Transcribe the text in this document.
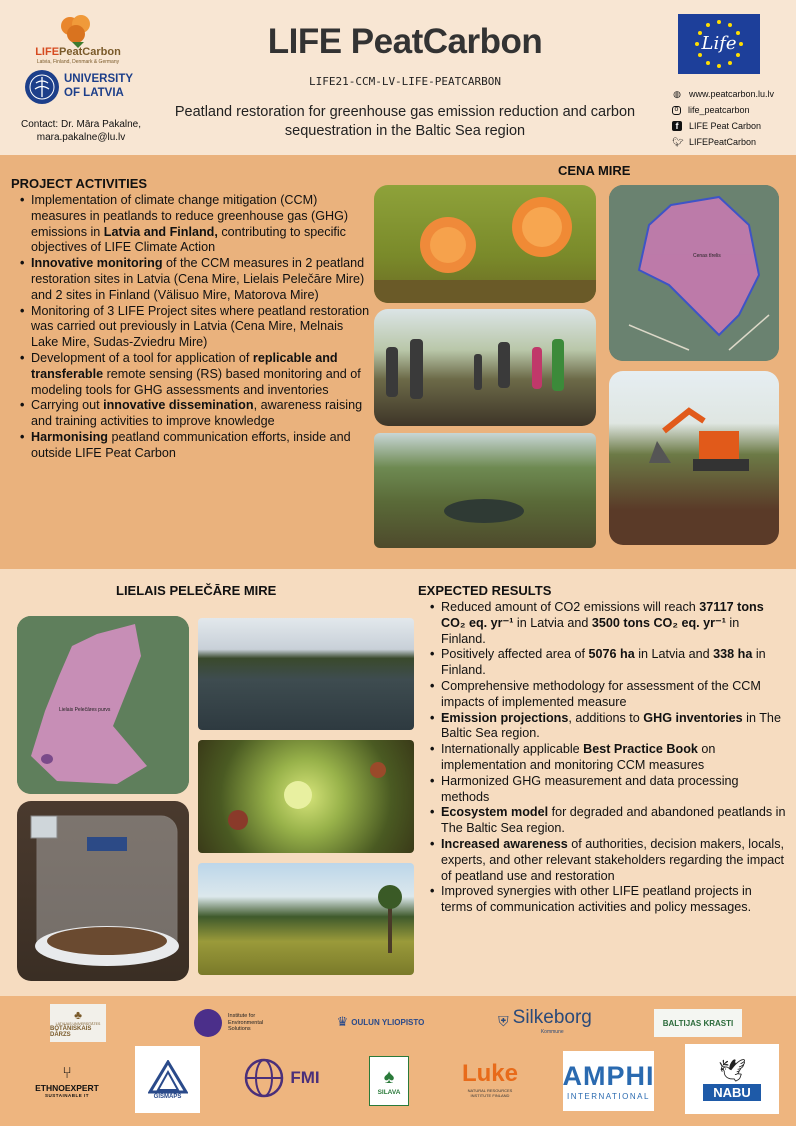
LIFEPeatCarbon
Latvia, Finland, Denmark & Germany
UNIVERSITY
OF LATVIA
Contact: Dr. Māra Pakalne,
mara.pakalne@lu.lv
LIFE PeatCarbon
LIFE21-CCM-LV-LIFE-PEATCARBON
Peatland restoration for greenhouse gas emission reduction and carbon sequestration in the Baltic Sea region
Life
◍ www.peatcarbon.lu.lv
o life_peatcarbon
f	LIFE Peat Carbon
🐦︎ LIFEPeatCarbon
PROJECT ACTIVITIES
• Implementation of climate change mitigation (CCM) measures in peatlands to reduce greenhouse gas (GHG) emissions in Latvia and Finland, contributing to specific objectives of LIFE Climate Action
• Innovative monitoring of the CCM measures in 2 peatland restoration sites in Latvia (Cena Mire, Lielais Pelečāre Mire) and 2 sites in Finland (Välisuo Mire, Matorova Mire)
• Monitoring of 3 LIFE Project sites where peatland restoration was carried out previously in Latvia (Cena Mire, Melnais Lake Mire, Sudas-Zviedru Mire)
• Development of a tool for application of replicable and transferable remote sensing (RS) based monitoring and of modeling tools for GHG assessments and inventories
• Carrying out innovative dissemination, awareness raising and training activities to improve knowledge
• Harmonising peatland communication efforts, inside and outside LIFE Peat Carbon
CENA MIRE
Cenas tīrelis
LIELAIS PELEČĀRE MIRE
Lielais Pelečāres purvs
EXPECTED RESULTS
• Reduced amount of CO2 emissions will reach 37117 tons CO₂ eq. yr⁻¹ in Latvia and 3500 tons CO₂ eq. yr⁻¹ in Finland.
• Positively affected area of 5076 ha in Latvia and 338 ha in Finland.
• Comprehensive methodology for assessment of the CCM impacts of implemented measure
• Emission projections, additions to GHG inventories in The Baltic Sea region.
• Internationally applicable Best Practice Book on implementation and monitoring CCM measures
• Harmonized GHG measurement and data processing methods
• Ecosystem model for degraded and abandoned peatlands in The Baltic Sea region.
• Increased awareness of authorities, decision makers, locals, experts, and other relevant stakeholders regarding the impact of peatland use and restoration
• Improved synergies with other LIFE peatland projects in terms of communication activities and policy messages.
♣
LATVIJAS UNIVERSITĀTES
BOTĀNISKAIS DĀRZS
Institute for
Environmental
Solutions
♛ OULUN YLIOPISTO	⛨ Silkeborg
Kommune
BALTIJAS KRASTI
⑂
ETHNOEXPERT
SUSTAINABLE IT	GISMAPS
FMI	♠
SILAVA
Luke
NATURAL RESOURCES
INSTITUTE FINLAND
AMPHI
INTERNATIONAL
🕊︎
NABU
